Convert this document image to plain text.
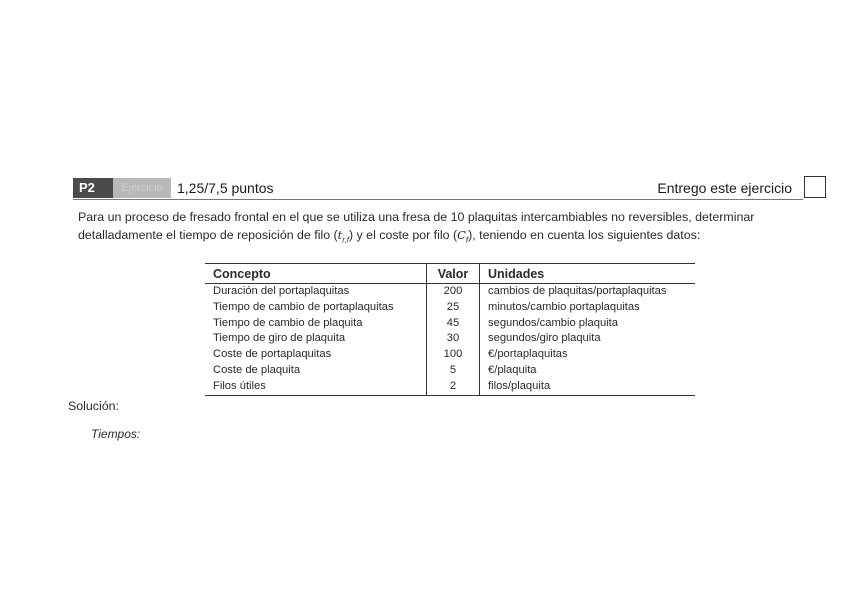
P2	Ejercicio	1,25/7,5 puntos	Entrego este ejercicio
Para un proceso de fresado frontal en el que se utiliza una fresa de 10 plaquitas intercambiables no reversibles, determinar
detalladamente el tiempo de reposición de filo $(t_{r,f})$ y el coste por filo $(C_f)$, teniendo en cuenta los siguientes datos:
Concepto	Valor	Unidades
Duración del portaplaquitas	200	cambios de plaquitas/portaplaquitas
Tiempo de cambio de portaplaquitas	25	minutos/cambio portaplaquitas
Tiempo de cambio de plaquita	45	segundos/cambio plaquita
Tiempo de giro de plaquita	30	segundos/giro plaquita
Coste de portaplaquitas	100	€/portaplaquitas
Coste de plaquita	5	€/plaquita
Filos útiles	2	filos/plaquita
Solución:
Tiempos:
